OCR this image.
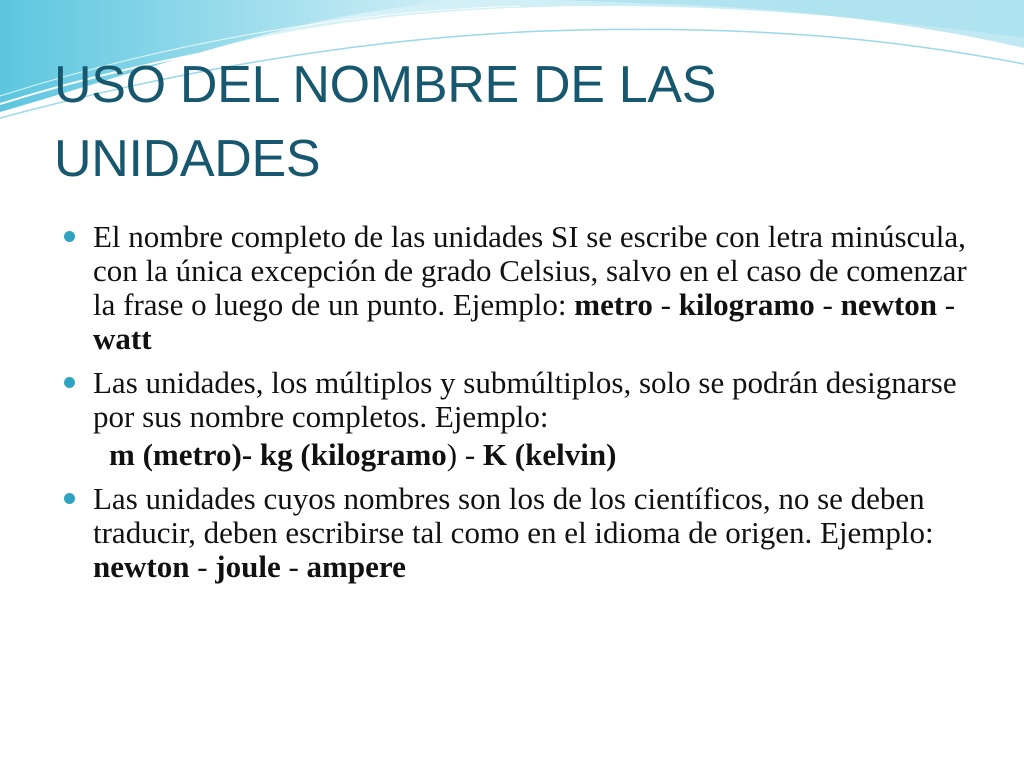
USO DEL NOMBRE DE LAS
UNIDADES
El nombre completo de las unidades SI se escribe con letra minúscula, con la única excepción de grado Celsius, salvo en el caso de comenzar la frase o luego de un punto. Ejemplo: metro - kilogramo - newton - watt
Las unidades, los múltiplos y submúltiplos, solo se podrán designarse por sus nombre completos. Ejemplo:
m (metro)- kg (kilogramo) - K (kelvin)
Las unidades cuyos nombres son los de los científicos, no se deben traducir, deben escribirse tal como en el idioma de origen. Ejemplo: newton - joule - ampere
